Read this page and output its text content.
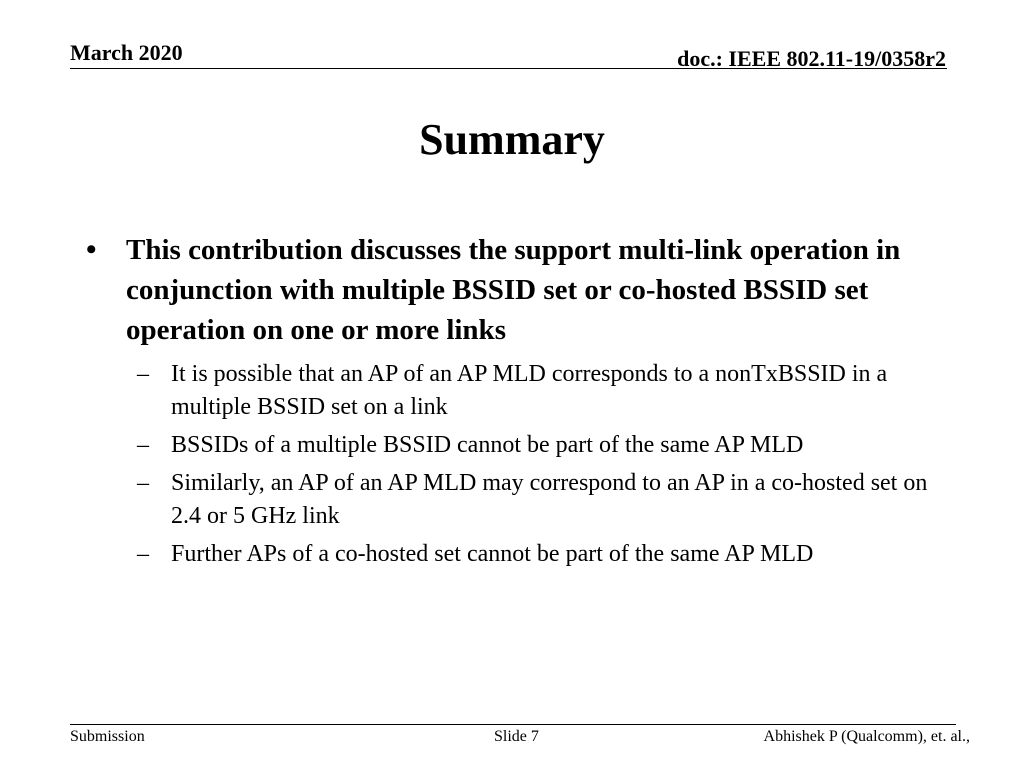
March 2020	doc.: IEEE 802.11-19/0358r2
Summary
•	This contribution discusses the support multi-link operation in conjunction with multiple BSSID set or co-hosted BSSID set operation on one or more links
– It is possible that an AP of an AP MLD corresponds to a nonTxBSSID in a multiple BSSID set on a link
– BSSIDs of a multiple BSSID cannot be part of the same AP MLD
– Similarly, an AP of an AP MLD may correspond to an AP in a co-hosted set on 2.4 or 5 GHz link
– Further APs of a co-hosted set cannot be part of the same AP MLD
Submission	Slide 7	Abhishek P (Qualcomm), et. al.,
